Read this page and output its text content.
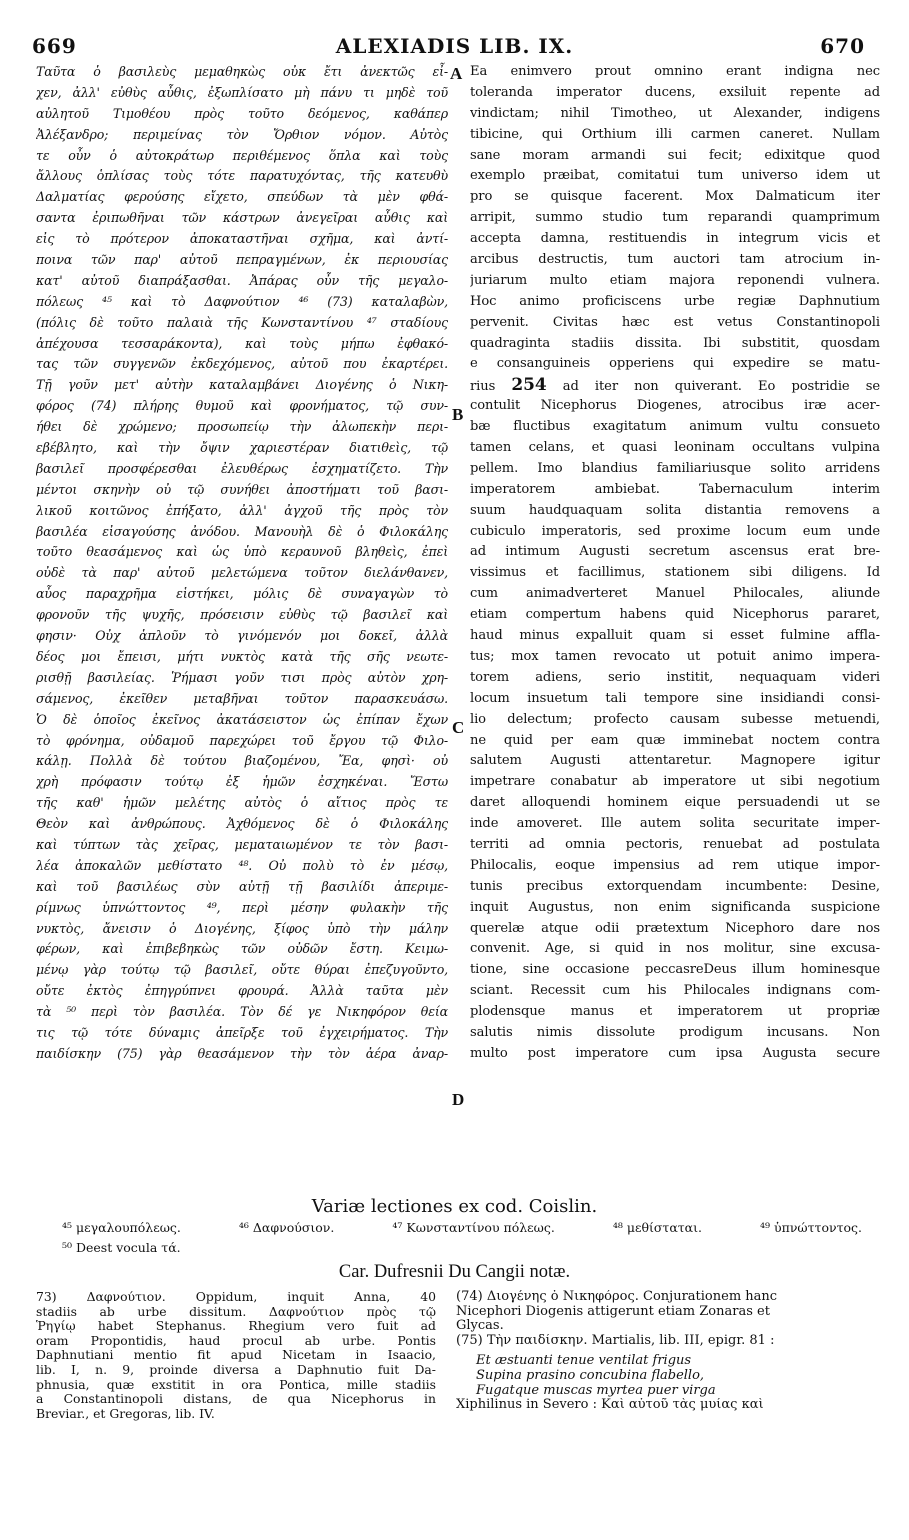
669	ALEXIADIS LIB. IX.	670
Ταῦτα ὁ βασιλεὺς μεμαθηκὼς οὐκ ἔτι ἀνεκτῶς εἶ-
χεν, ἀλλ' εὐθὺς αὖθις, ἐξωπλίσατο μὴ πάνυ τι μηδὲ τοῦ
αὐλητοῦ Τιμοθέου πρὸς τοῦτο δεόμενος, καθάπερ
Ἀλέξανδρο; περιμείνας τὸν Ὄρθιον νόμον. Αὐτὸς
τε οὖν ὁ αὐτοκράτωρ περιθέμενος ὅπλα καὶ τοὺς
ἄλλους ὁπλίσας τοὺς τότε παρατυχόντας, τῆς κατευθὺ
Δαλματίας φερούσης εἴχετο, σπεύδων τὰ μὲν φθά-
σαντα ἐριπωθῆναι τῶν κάστρων ἀνεγεῖραι αὖθις καὶ
εἰς τὸ πρότερον ἀποκαταστῆναι σχῆμα, καὶ ἀντί-
ποινα τῶν παρ' αὐτοῦ πεπραγμένων, ἐκ περιουσίας
κατ' αὐτοῦ διαπράξασθαι. Ἀπάρας οὖν τῆς μεγαλο-
πόλεως ⁴⁵ καὶ τὸ Δαφνούτιον ⁴⁶ (73) καταλαβὼν,
(πόλις δὲ τοῦτο παλαιὰ τῆς Κωνσταντίνου ⁴⁷ σταδίους
ἀπέχουσα τεσσαράκοντα), καὶ τοὺς μήπω ἐφθακό-
τας τῶν συγγενῶν ἐκδεχόμενος, αὐτοῦ που ἐκαρτέρει.
Τῇ γοῦν μετ' αὐτὴν καταλαμβάνει Διογένης ὁ Νικη-
φόρος (74) πλήρης θυμοῦ καὶ φρονήματος, τῷ συν-
ήθει δὲ χρώμενο; προσωπείῳ τὴν ἀλωπεκὴν περι-
εβέβλητο, καὶ τὴν ὄψιν χαριεστέραν διατιθεὶς, τῷ
βασιλεῖ προσφέρεσθαι ἐλευθέρως ἐσχηματίζετο. Τὴν
μέντοι σκηνὴν οὐ τῷ συνήθει ἀποστήματι τοῦ βασι-
λικοῦ κοιτῶνος ἐπήξατο, ἀλλ' ἀγχοῦ τῆς πρὸς τὸν
βασιλέα εἰσαγούσης ἀνόδου. Μανουὴλ δὲ ὁ Φιλοκάλης
τοῦτο θεασάμενος καὶ ὡς ὑπὸ κεραυνοῦ βληθεὶς, ἐπεὶ
οὐδὲ τὰ παρ' αὐτοῦ μελετώμενα τοῦτον διελάνθανεν,
αὖος παραχρῆμα εἱστήκει, μόλις δὲ συναγαγὼν τὸ
φρονοῦν τῆς ψυχῆς, πρόσεισιν εὐθὺς τῷ βασιλεῖ καὶ
φησιν· Οὐχ ἁπλοῦν τὸ γινόμενόν μοι δοκεῖ, ἀλλὰ
δέος μοι ἔπεισι, μήτι νυκτὸς κατὰ τῆς σῆς νεωτε-
ρισθῇ βασιλείας. Ῥήμασι γοῦν τισι πρὸς αὐτὸν χρη-
σάμενος, ἐκεῖθεν μεταβῆναι τοῦτον παρασκευάσω.
Ὁ δὲ ὁποῖος ἐκεῖνος ἀκατάσειστον ὡς ἐπίπαν ἔχων
τὸ φρόνημα, οὐδαμοῦ παρεχώρει τοῦ ἔργου τῷ Φιλο-
κάλῃ. Πολλὰ δὲ τούτου βιαζομένου, Ἔα, φησὶ· οὐ
χρὴ πρόφασιν τούτῳ ἐξ ἡμῶν ἐσχηκέναι. Ἔστω
τῆς καθ' ἡμῶν μελέτης αὐτὸς ὁ αἴτιος πρὸς τε
Θεὸν καὶ ἀνθρώπους. Ἀχθόμενος δὲ ὁ Φιλοκάλης
καὶ τύπτων τὰς χεῖρας, μεματαιωμένον τε τὸν βασι-
λέα ἀποκαλῶν μεθίστατο ⁴⁸. Οὐ πολὺ τὸ ἐν μέσῳ,
καὶ τοῦ βασιλέως σὺν αὐτῇ τῇ βασιλίδι ἀπεριμε-
ρίμνως ὑπνώττοντος ⁴⁹, περὶ μέσην φυλακὴν τῆς
νυκτὸς, ἄνεισιν ὁ Διογένης, ξίφος ὑπὸ τὴν μάλην
φέρων, καὶ ἐπιβεβηκὼς τῶν οὐδῶν ἔστη. Κειμω-
μένῳ γὰρ τούτῳ τῷ βασιλεῖ, οὔτε θύραι ἐπεζυγοῦντο,
οὔτε ἐκτὸς ἐπηγρύπνει φρουρά. Ἀλλὰ ταῦτα μὲν
τὰ ⁵⁰ περὶ τὸν βασιλέα. Τὸν δέ γε Νικηφόρον θεία
τις τῷ τότε δύναμις ἀπεῖρξε τοῦ ἐγχειρήματος. Τὴν
παιδίσκην (75) γὰρ θεασάμενον τὴν τὸν ἀέρα ἀναρ-
Ea enimvero prout omnino erant indigna nec
toleranda imperator ducens, exsiluit repente ad
vindictam; nihil Timotheo, ut Alexander, indigens
tibicine, qui Orthium illi carmen caneret. Nullam
sane moram armandi sui fecit; edixitque quod
exemplo præibat, comitatui tum universo idem ut
pro se quisque facerent. Mox Dalmaticum iter
arripit, summo studio tum reparandi quamprimum
accepta damna, restituendis in integrum vicis et
arcibus destructis, tum auctori tam atrocium in-
juriarum multo etiam majora reponendi vulnera.
Hoc animo proficiscens urbe regiæ Daphnutium
pervenit. Civitas hæc est vetus Constantinopoli
quadraginta stadiis dissita. Ibi substitit, quosdam
e consanguineis opperiens qui expedire se matu-
rius 254 ad iter non quiverant. Eo postridie se
contulit Nicephorus Diogenes, atrocibus iræ acer-
bæ fluctibus exagitatum animum vultu consueto
tamen celans, et quasi leoninam occultans vulpina
pellem. Imo blandius familiariusque solito arridens
imperatorem ambiebat. Tabernaculum interim
suum haudquaquam solita distantia removens a
cubiculo imperatoris, sed proxime locum eum unde
ad intimum Augusti secretum ascensus erat bre-
vissimus et facillimus, stationem sibi diligens. Id
cum animadverteret Manuel Philocales, aliunde
etiam compertum habens quid Nicephorus pararet,
haud minus expalluit quam si esset fulmine affla-
tus; mox tamen revocato ut potuit animo impera-
torem adiens, serio institit, nequaquam videri
locum insuetum tali tempore sine insidiandi consi-
lio delectum; profecto causam subesse metuendi,
ne quid per eam quæ imminebat noctem contra
salutem Augusti attentaretur. Magnopere igitur
impetrare conabatur ab imperatore ut sibi negotium
daret alloquendi hominem eique persuadendi ut se
inde amoveret. Ille autem solita securitate imper-
territi ad omnia pectoris, renuebat ad postulata
Philocalis, eoque impensius ad rem utique impor-
tunis precibus extorquendam incumbente: Desine,
inquit Augustus, non enim significanda suspicione
querelæ atque odii prætextum Nicephoro dare nos
convenit. Age, si quid in nos molitur, sine excusa-
tione, sine occasione peccasreDeus illum hominesque
sciant. Recessit cum his Philocales indignans com-
plodensque manus et imperatorem ut propriæ
salutis nimis dissolute prodigum incusans. Non
multo post imperatore cum ipsa Augusta secure
A
B
C
D
Variæ lectiones ex cod. Coislin.
⁴⁵ μεγαλουπόλεως.	⁴⁶ Δαφνούσιον.	⁴⁷ Κωνσταντίνου πόλεως.	⁴⁸ μεθίσταται.	⁴⁹ ὑπνώττοντος.
⁵⁰ Deest vocula τά.
Car. Dufresnii Du Cangii notæ.
73) Δαφνούτιον. Oppidum, inquit Anna, 40
stadiis ab urbe dissitum. Δαφνούτιον πρὸς τῷ
Ῥηγίῳ habet Stephanus. Rhegium vero fuit ad
oram Propontidis, haud procul ab urbe. Pontis
Daphnutiani mentio fit apud Nicetam in Isaacio,
lib. I, n. 9, proinde diversa a Daphnutio fuit Da-
phnusia, quæ exstitit in ora Pontica, mille stadiis
a Constantinopoli distans, de qua Nicephorus in
Breviar., et Gregoras, lib. IV.
(74) Διογένης ὁ Νικηφόρος. Conjurationem hanc
Nicephori Diogenis attigerunt etiam Zonaras et
Glycas.
(75) Τὴν παιδίσκην. Martialis, lib. III, epigr. 81 :
Et æstuanti tenue ventilat frigus
Supina prasino concubina flabello,
Fugatque muscas myrtea puer virga
Xiphilinus in Severo : Καὶ αὐτοῦ τὰς μυίας καὶ
